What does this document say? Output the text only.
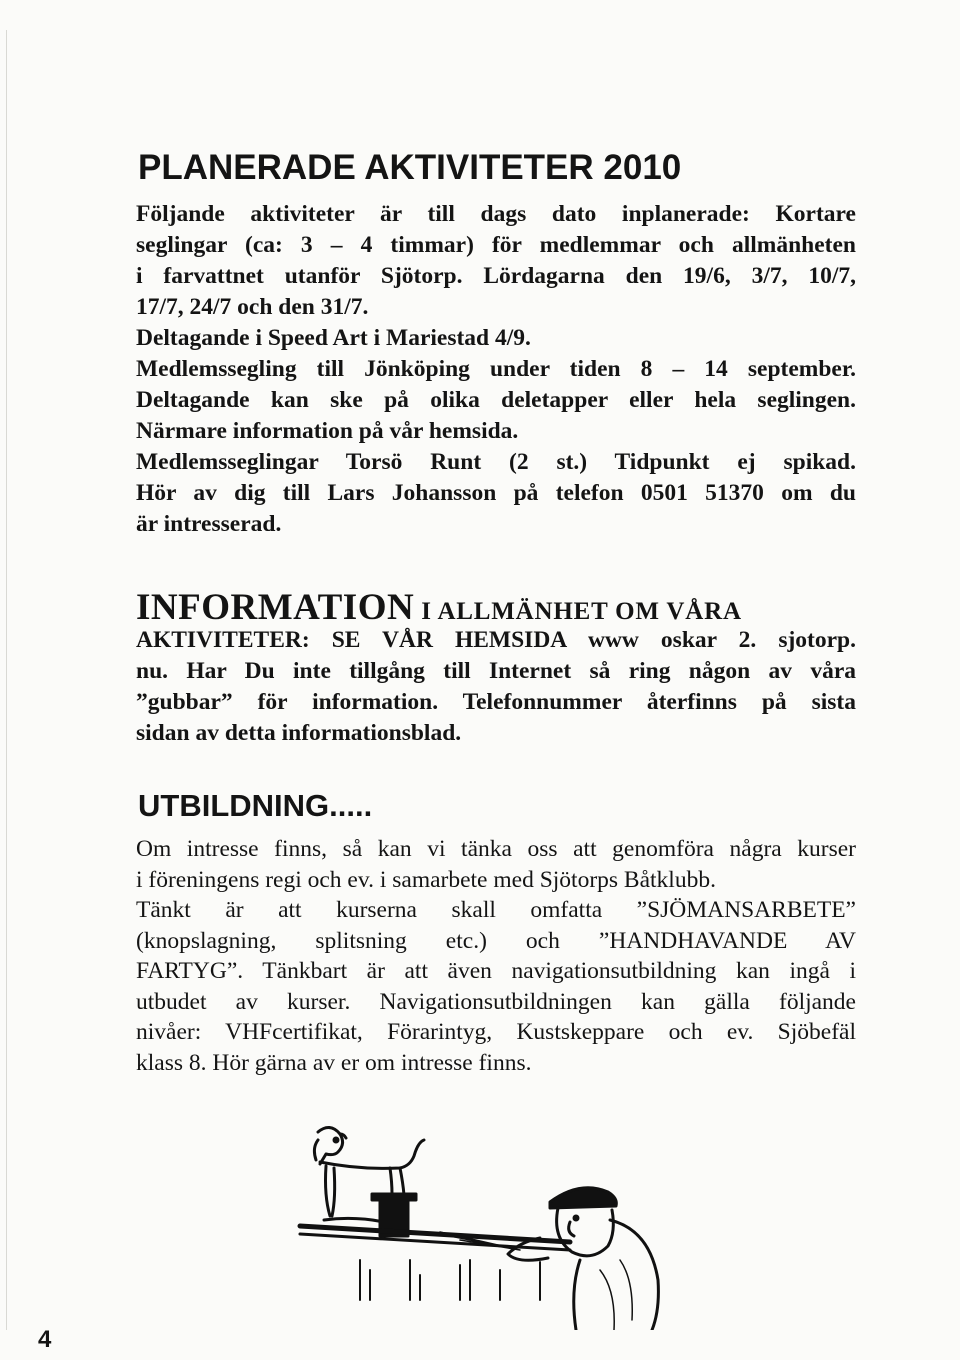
PLANERADE AKTIVITETER 2010
Följande aktiviteter är till dags dato inplanerade: Kortare
seglingar (ca: 3 – 4 timmar) för medlemmar och allmänheten
i farvattnet utanför Sjötorp. Lördagarna den 19/6, 3/7, 10/7,
17/7, 24/7 och den 31/7.
Deltagande i Speed Art i Mariestad 4/9.
Medlemssegling till Jönköping under tiden 8 – 14 september.
Deltagande kan ske på olika deletapper eller hela seglingen.
Närmare information på vår hemsida.
Medlemsseglingar Torsö Runt (2 st.) Tidpunkt ej spikad.
Hör av dig till Lars Johansson på telefon 0501 51370 om du
är intresserad.
INFORMATION I ALLMÄNHET OM VÅRA
AKTIVITETER: SE VÅR HEMSIDA www oskar 2. sjotorp.
nu. Har Du inte tillgång till Internet så ring någon av våra
”gubbar” för information. Telefonnummer återfinns på sista
sidan av detta informationsblad.
UTBILDNING.....
Om intresse finns, så kan vi tänka oss att genomföra några kurser
i föreningens regi och ev. i samarbete med Sjötorps Båtklubb.
Tänkt är att kurserna skall omfatta ”SJÖMANSARBETE”
(knopslagning, splitsning etc.) och ”HANDHAVANDE AV
FARTYG”. Tänkbart är att även navigationsutbildning kan ingå i
utbudet av kurser. Navigationsutbildningen kan gälla följande
nivåer: VHFcertifikat, Förarintyg, Kustskeppare och ev. Sjöbefäl
klass 8. Hör gärna av er om intresse finns.
4
